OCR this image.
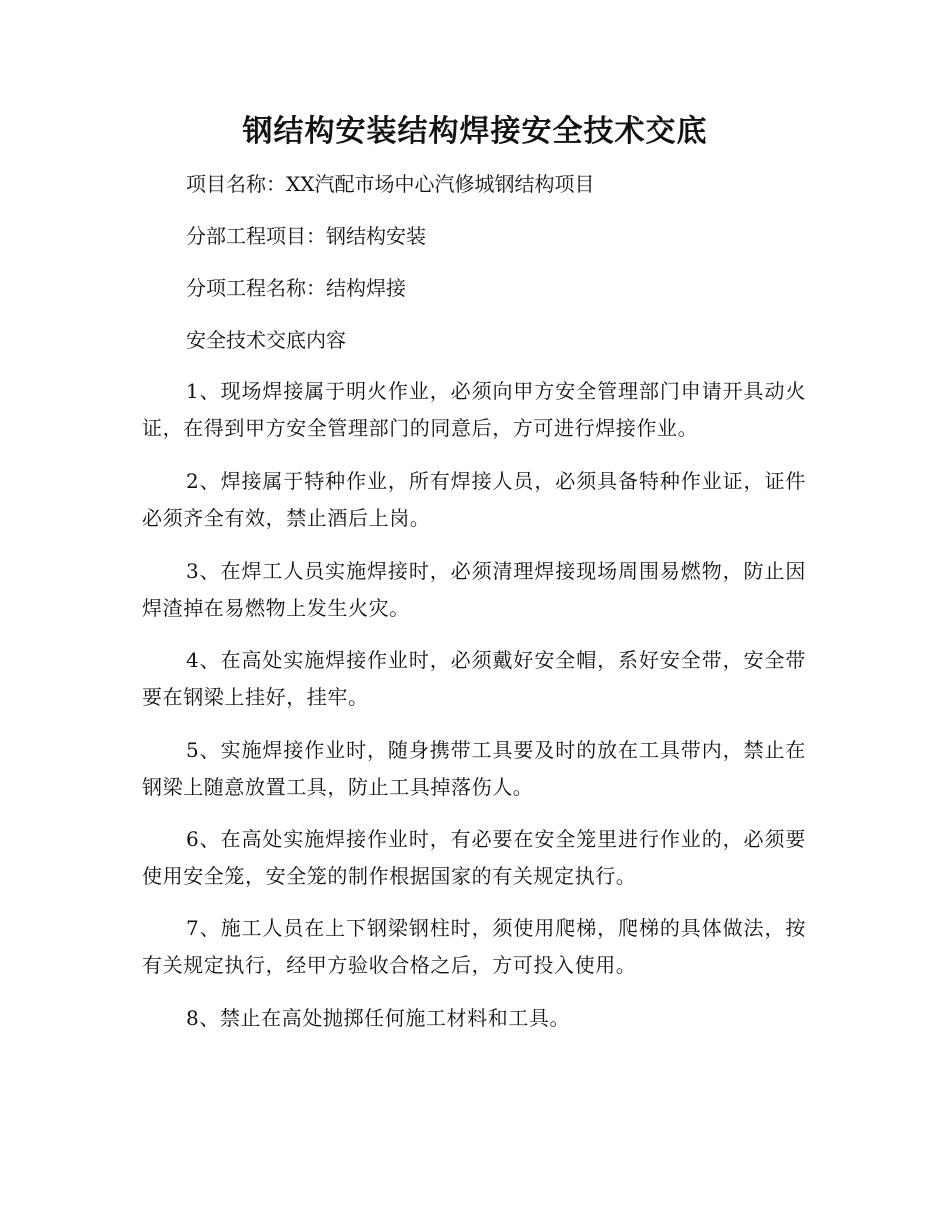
钢结构安装结构焊接安全技术交底

项目名称：XX汽配市场中心汽修城钢结构项目

分部工程项目：钢结构安装

分项工程名称：结构焊接

安全技术交底内容

1、现场焊接属于明火作业，必须向甲方安全管理部门申请开具动火证，在得到甲方安全管理部门的同意后，方可进行焊接作业。

2、焊接属于特种作业，所有焊接人员，必须具备特种作业证，证件必须齐全有效，禁止酒后上岗。

3、在焊工人员实施焊接时，必须清理焊接现场周围易燃物，防止因焊渣掉在易燃物上发生火灾。

4、在高处实施焊接作业时，必须戴好安全帽，系好安全带，安全带要在钢梁上挂好，挂牢。

5、实施焊接作业时，随身携带工具要及时的放在工具带内，禁止在钢梁上随意放置工具，防止工具掉落伤人。

6、在高处实施焊接作业时，有必要在安全笼里进行作业的，必须要使用安全笼，安全笼的制作根据国家的有关规定执行。

7、施工人员在上下钢梁钢柱时，须使用爬梯，爬梯的具体做法，按有关规定执行，经甲方验收合格之后，方可投入使用。

8、禁止在高处抛掷任何施工材料和工具。
